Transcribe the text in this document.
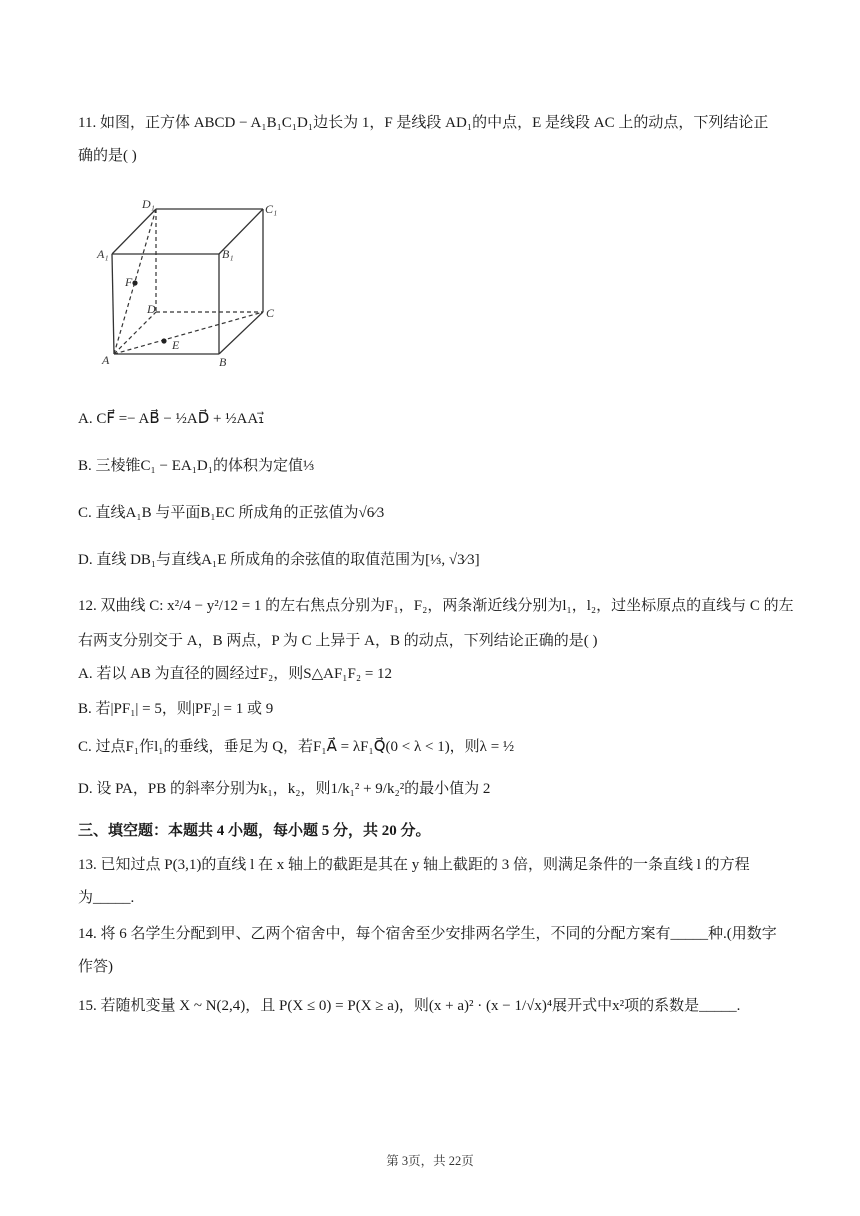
11. 如图，正方体 ABCD − A₁B₁C₁D₁边长为 1，F 是线段 AD₁的中点，E 是线段 AC 上的动点，下列结论正
确的是( )
D₁	C₁
A₁	B₁
F
D	C
E
A	B
A. CF⃗ =− AB⃗ − ½AD⃗ + ½AA₁⃗
B. 三棱锥C₁ − EA₁D₁的体积为定值⅓
C. 直线A₁B 与平面B₁EC 所成角的正弦值为√6⁄3
D. 直线 DB₁与直线A₁E 所成角的余弦值的取值范围为[⅓, √3⁄3]
12. 双曲线 C: x²/4 − y²/12 = 1 的左右焦点分别为F₁，F₂，两条渐近线分别为l₁，l₂，过坐标原点的直线与 C 的左
右两支分别交于 A，B 两点，P 为 C 上异于 A，B 的动点，下列结论正确的是( )
A. 若以 AB 为直径的圆经过F₂，则S△AF₁F₂ = 12
B. 若|PF₁| = 5，则|PF₂| = 1 或 9
C. 过点F₁作l₁的垂线，垂足为 Q，若F₁A⃗ = λF₁Q⃗(0 < λ < 1)，则λ = ½
D. 设 PA，PB 的斜率分别为k₁，k₂，则1/k₁² + 9/k₂²的最小值为 2
三、填空题：本题共 4 小题，每小题 5 分，共 20 分。
13. 已知过点 P(3,1)的直线 l 在 x 轴上的截距是其在 y 轴上截距的 3 倍，则满足条件的一条直线 l 的方程
为_____.
14. 将 6 名学生分配到甲、乙两个宿舍中，每个宿舍至少安排两名学生，不同的分配方案有_____种.(用数字
作答)
15. 若随机变量 X ~ N(2,4)，且 P(X ≤ 0) = P(X ≥ a)，则(x + a)² · (x − 1/√x)⁴展开式中x²项的系数是_____.
第 3页，共 22页
